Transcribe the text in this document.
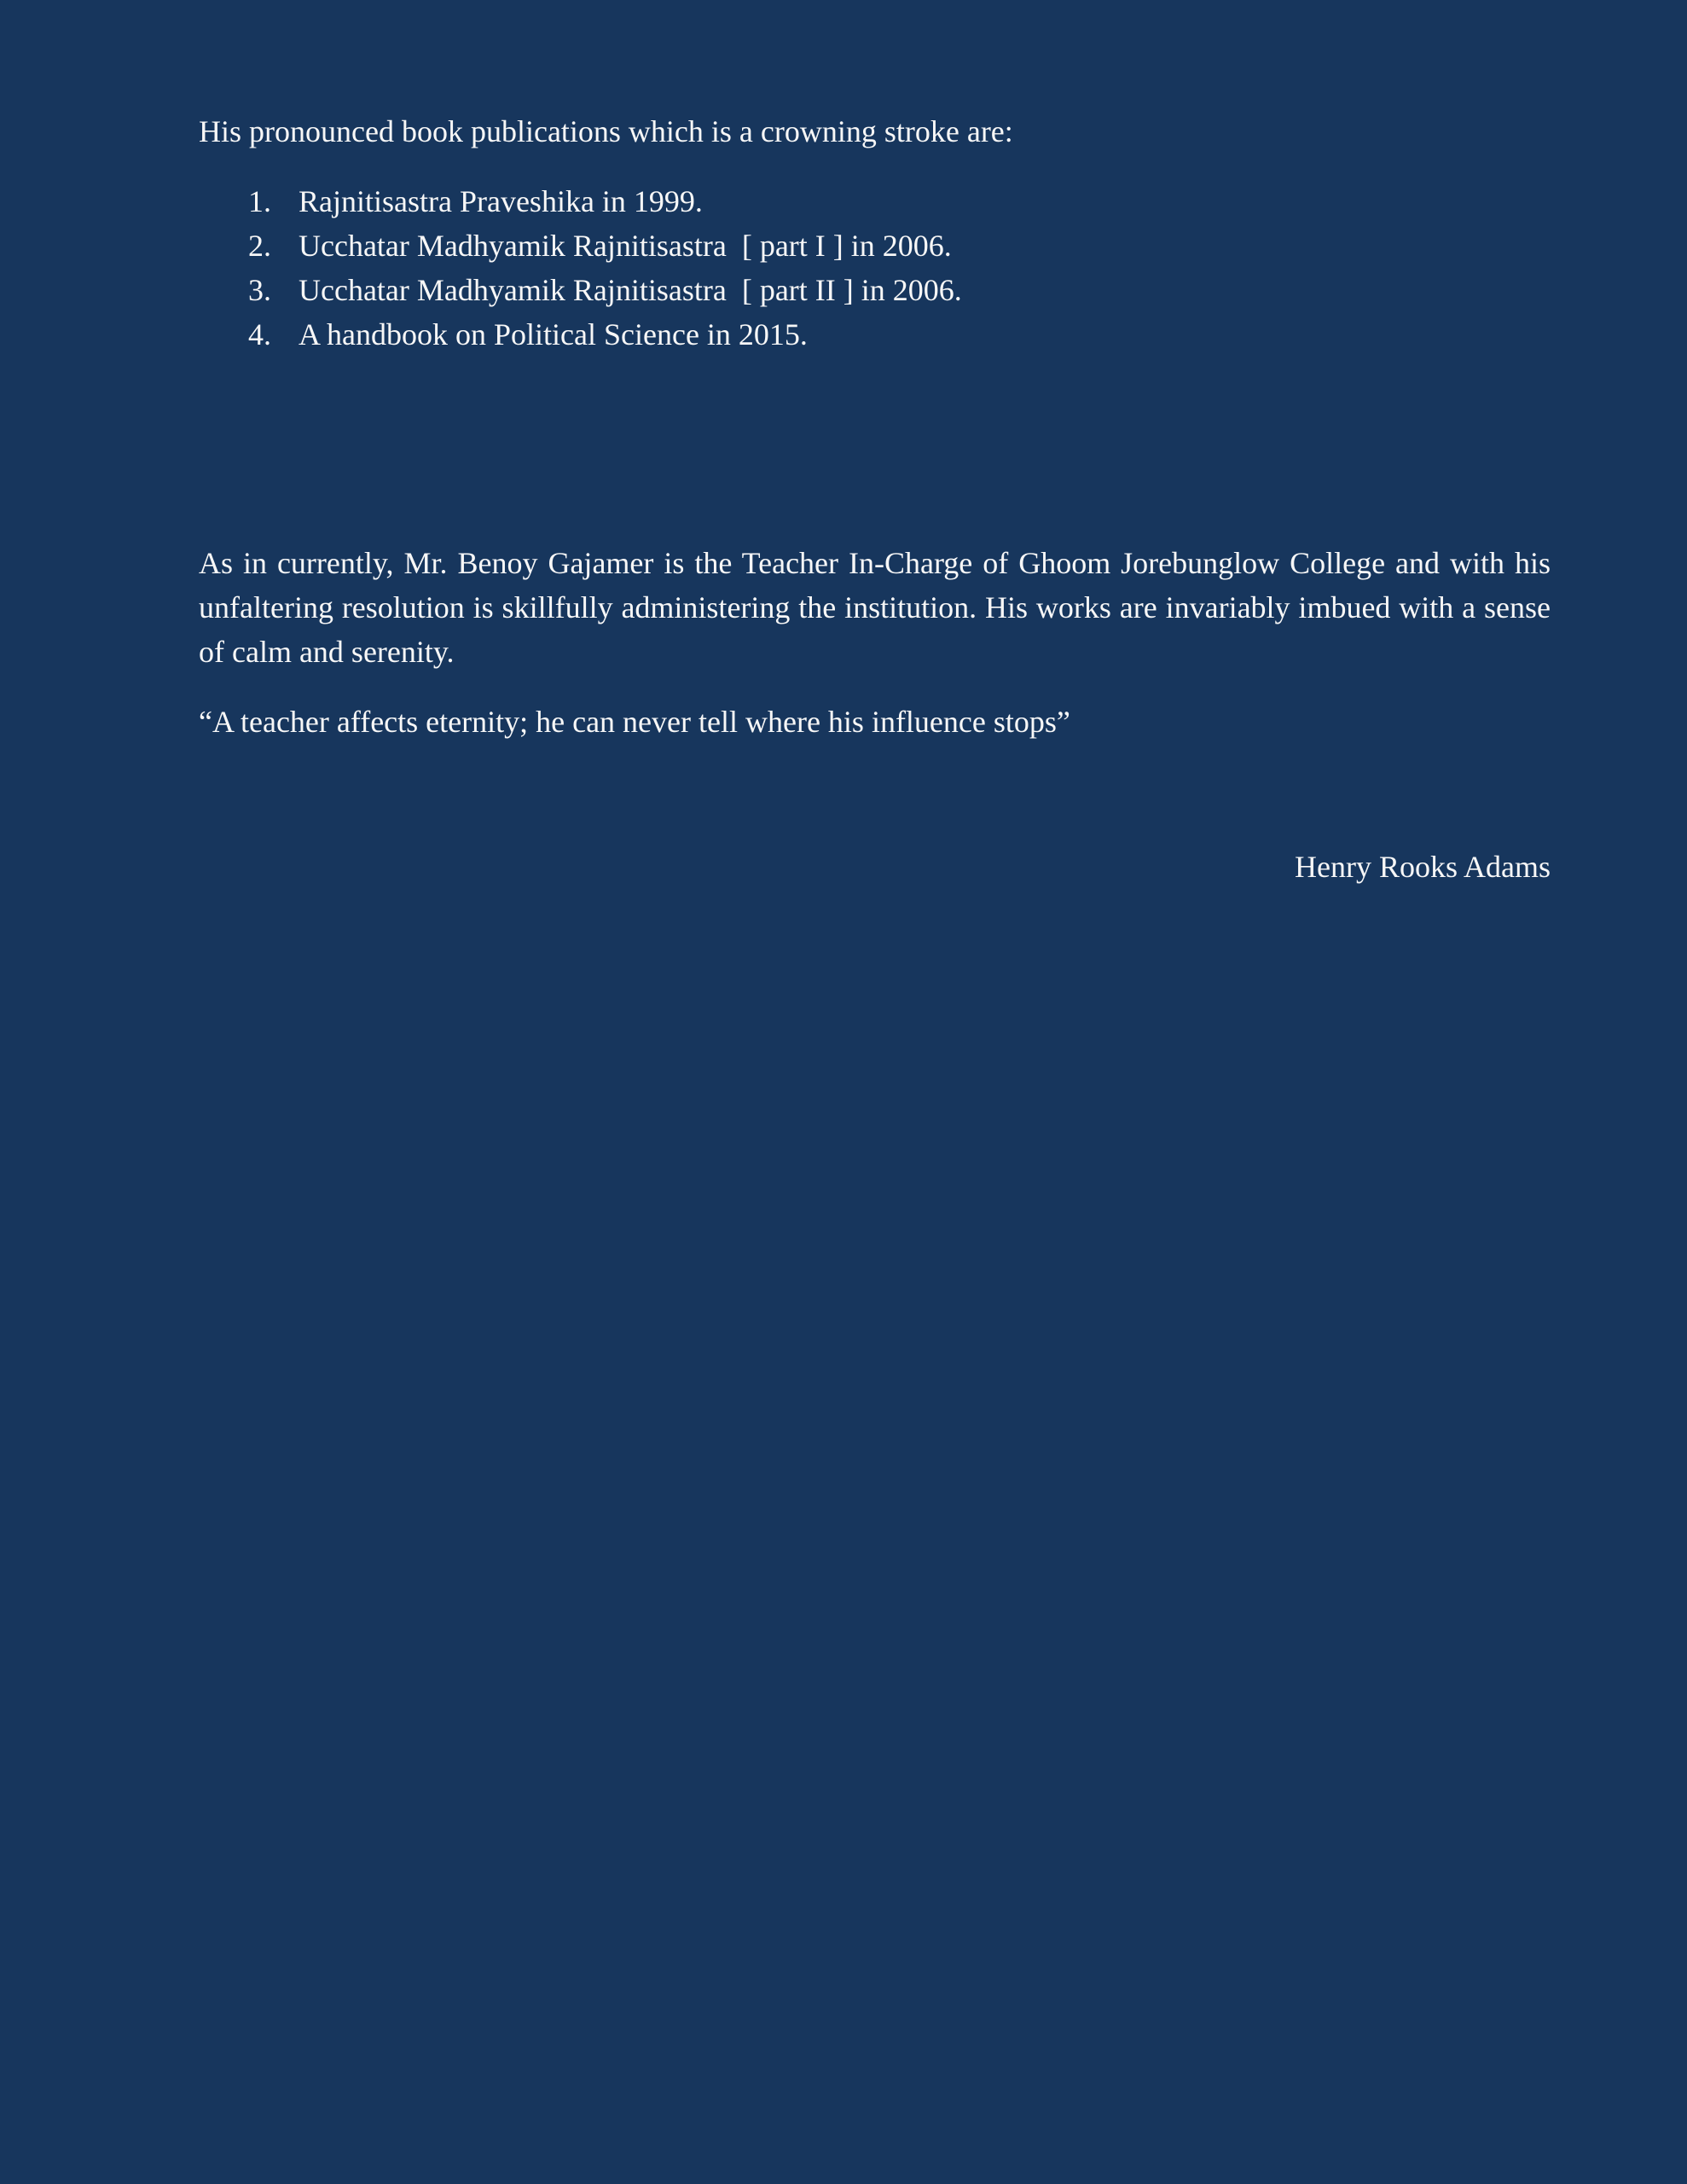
His pronounced book publications which is a crowning stroke are:

1. Rajnitisastra Praveshika in 1999.
2. Ucchatar Madhyamik Rajnitisastra  [ part I ] in 2006.
3. Ucchatar Madhyamik Rajnitisastra  [ part II ] in 2006.
4. A handbook on Political Science in 2015.

As in currently, Mr. Benoy Gajamer is the Teacher In-Charge of Ghoom Jorebunglow College and with his unfaltering resolution is skillfully administering the institution. His works are invariably imbued with a sense of calm and serenity.

“A teacher affects eternity; he can never tell where his influence stops”

Henry Rooks Adams
